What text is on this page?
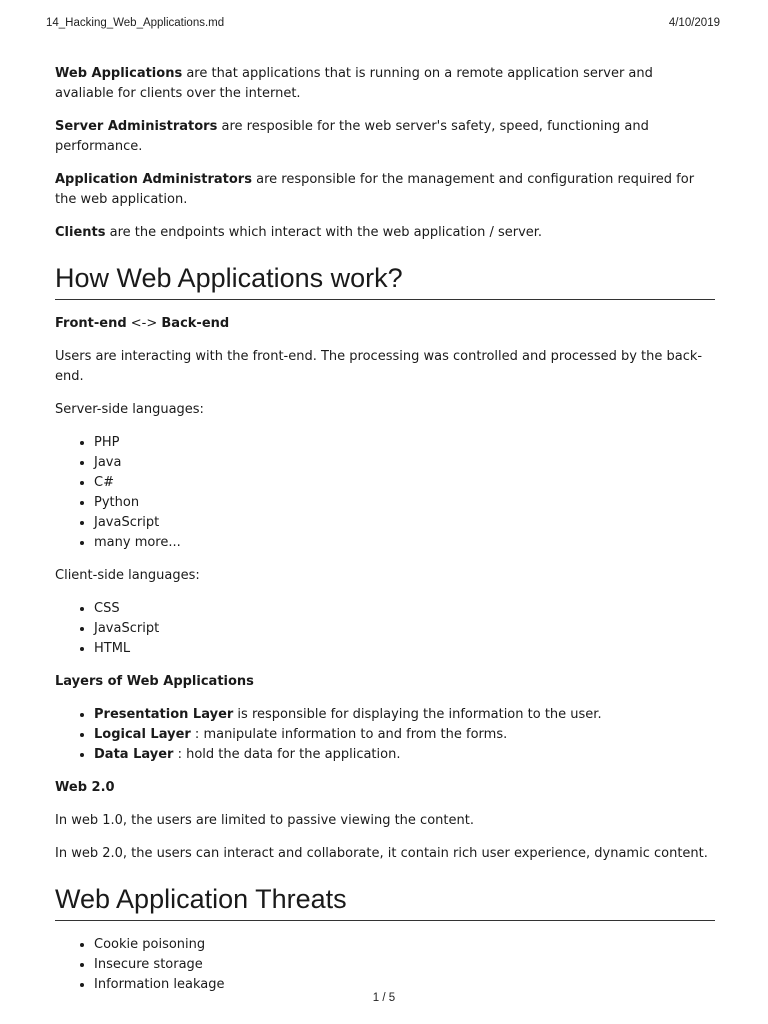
14_Hacking_Web_Applications.md	4/10/2019

Web Applications are that applications that is running on a remote application server and avaliable for clients over the internet.

Server Administrators are resposible for the web server's safety, speed, functioning and performance.

Application Administrators are responsible for the management and configuration required for the web application.

Clients are the endpoints which interact with the web application / server.

How Web Applications work?
Front-end <-> Back-end

Users are interacting with the front-end. The processing was controlled and processed by the back-end.

Server-side languages:

• PHP
• Java
• C#
• Python
• JavaScript
• many more...

Client-side languages:

• CSS
• JavaScript
• HTML
Layers of Web Applications
• Presentation Layer is responsible for displaying the information to the user.
• Logical Layer : manipulate information to and from the forms.
• Data Layer : hold the data for the application.
Web 2.0

In web 1.0, the users are limited to passive viewing the content.

In web 2.0, the users can interact and collaborate, it contain rich user experience, dynamic content.

Web Application Threats
• Cookie poisoning
• Insecure storage
• Information leakage
1 / 5
